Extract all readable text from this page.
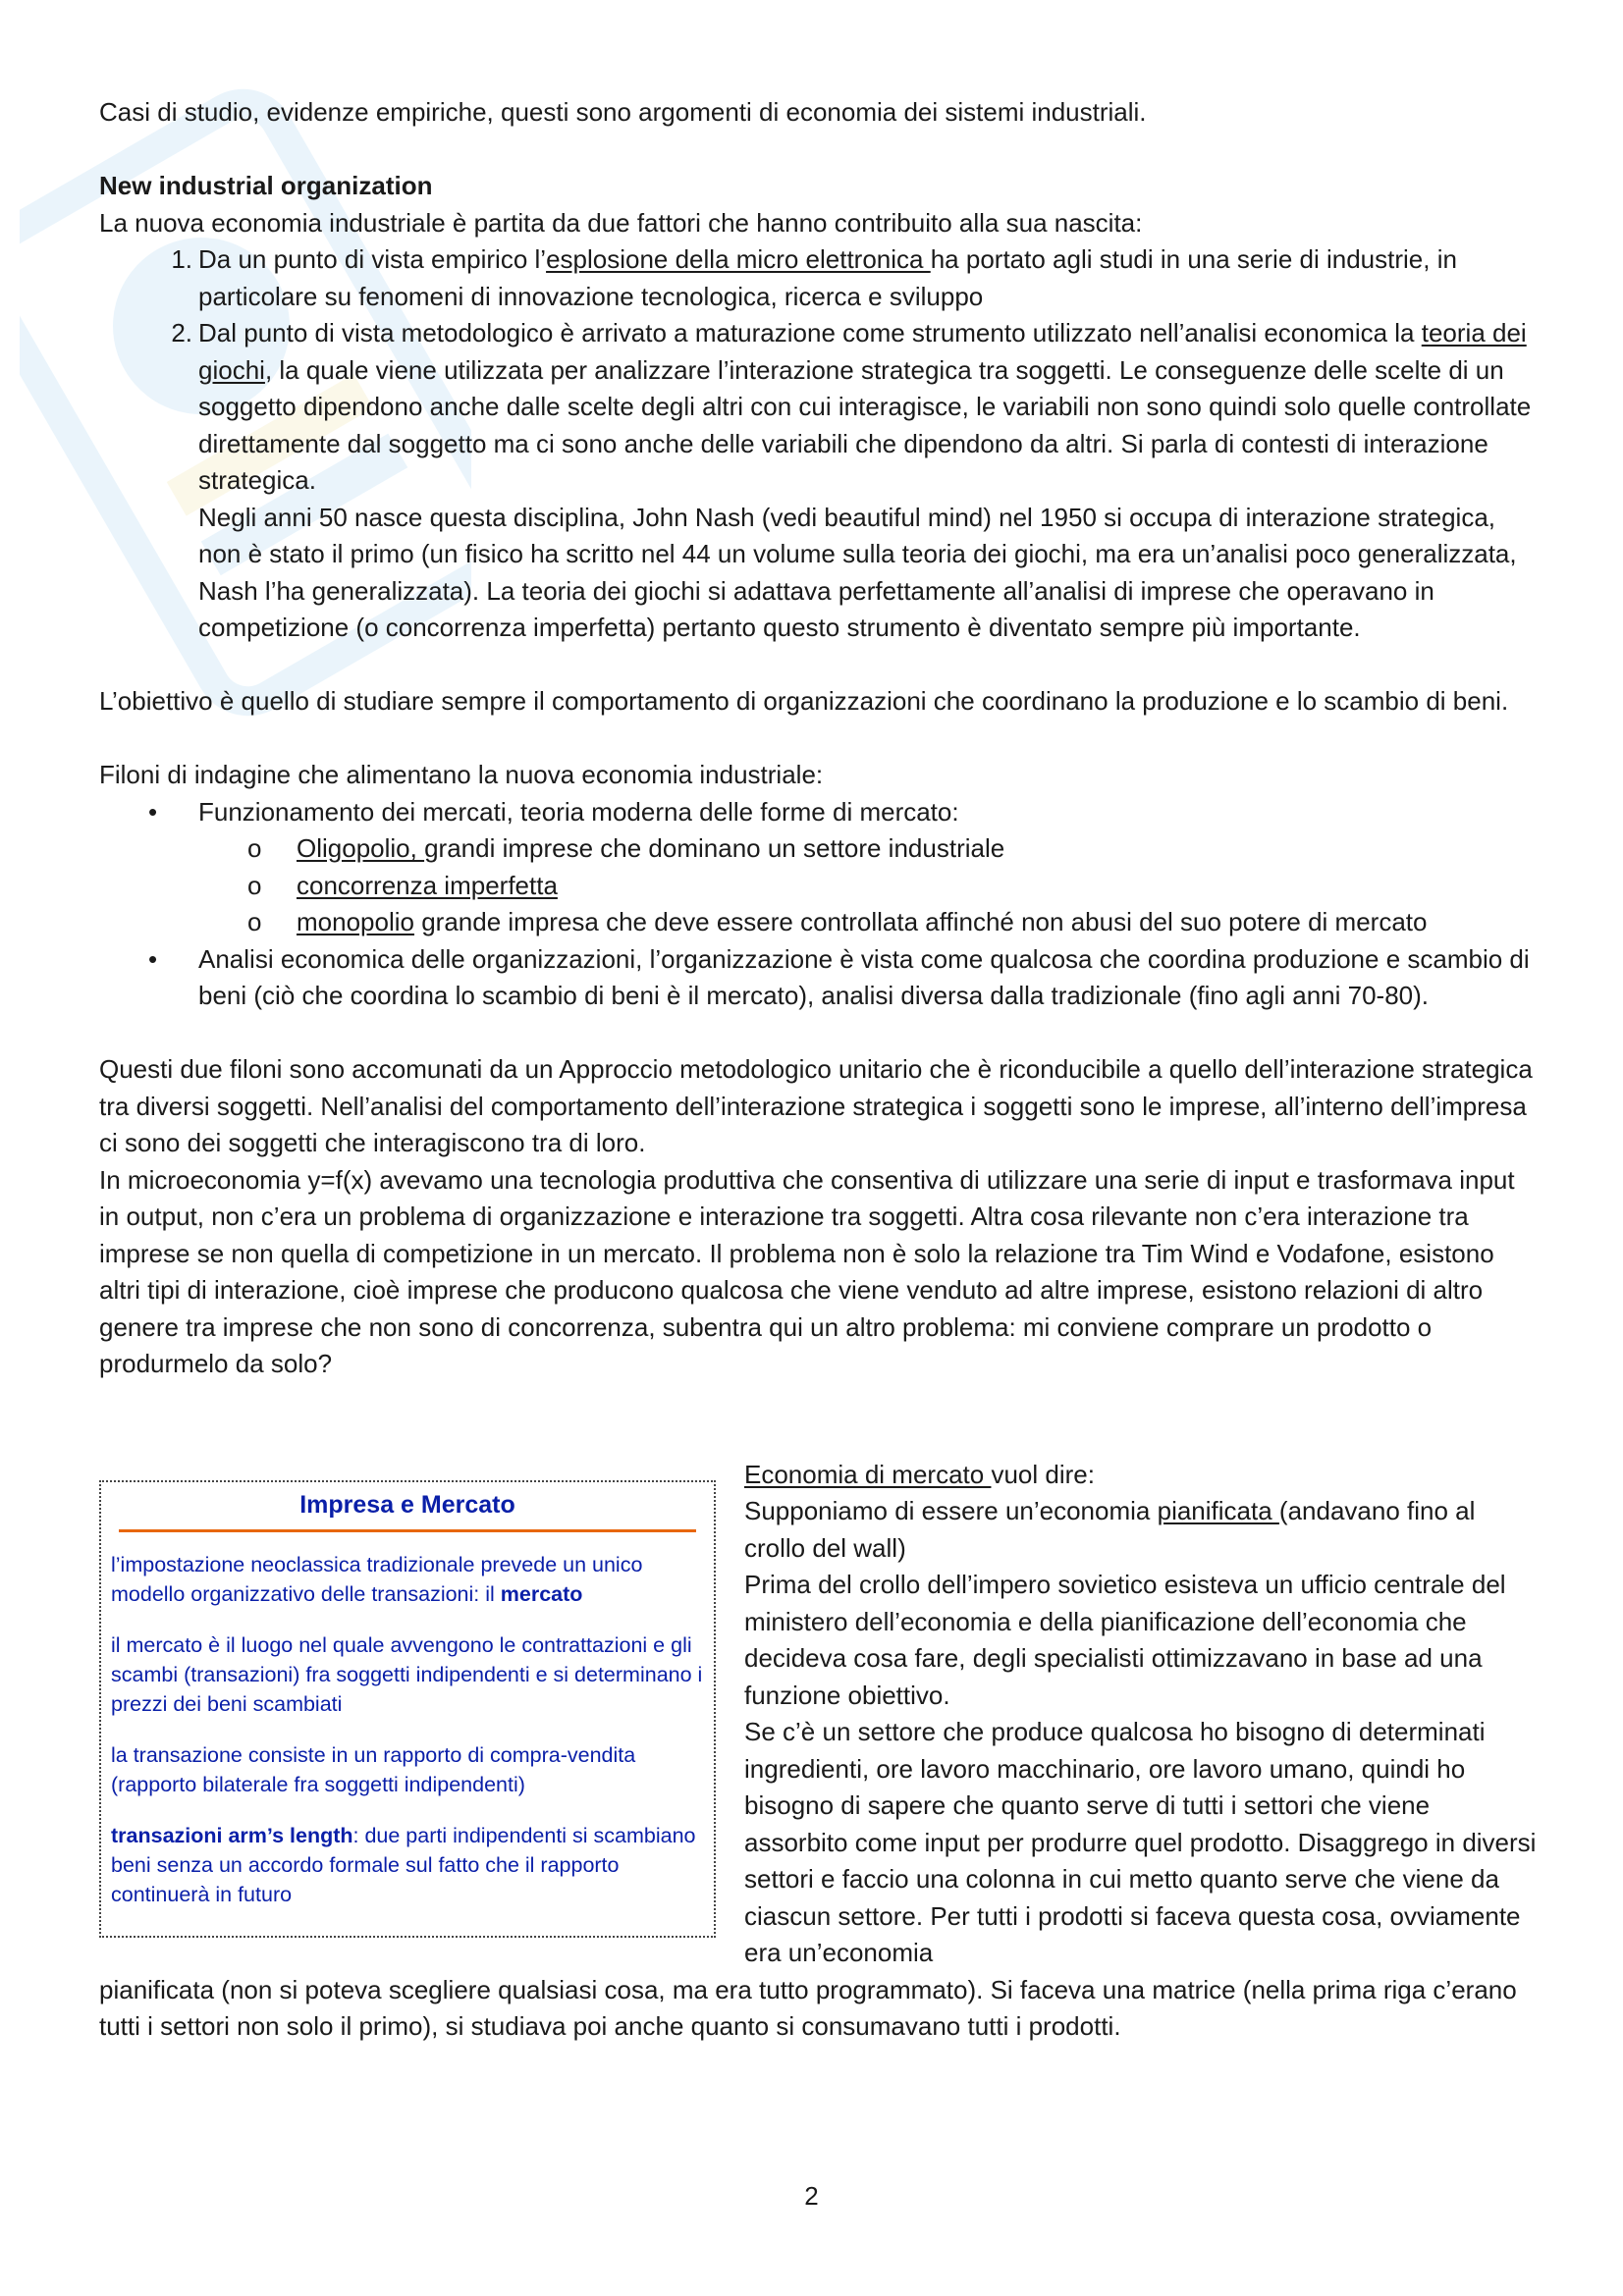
Casi di studio, evidenze empiriche, questi sono argomenti di economia dei sistemi industriali.

New industrial organization

La nuova economia industriale è partita da due fattori che hanno contribuito alla sua nascita:

1. Da un punto di vista empirico l’esplosione della micro elettronica ha portato agli studi in una serie di industrie, in particolare su fenomeni di innovazione tecnologica, ricerca e sviluppo
2. Dal punto di vista metodologico è arrivato a maturazione come strumento utilizzato nell’analisi economica la teoria dei giochi, la quale viene utilizzata per analizzare l’interazione strategica tra soggetti. Le conseguenze delle scelte di un soggetto dipendono anche dalle scelte degli altri con cui interagisce, le variabili non sono quindi solo quelle controllate direttamente dal soggetto ma ci sono anche delle variabili che dipendono da altri. Si parla di contesti di interazione strategica.

Negli anni 50 nasce questa disciplina, John Nash (vedi beautiful mind) nel 1950 si occupa di interazione strategica, non è stato il primo (un fisico ha scritto nel 44 un volume sulla teoria dei giochi, ma era un’analisi poco generalizzata, Nash l’ha generalizzata). La teoria dei giochi si adattava perfettamente all’analisi di imprese che operavano in competizione (o concorrenza imperfetta) pertanto questo strumento è diventato sempre più importante.

L’obiettivo è quello di studiare sempre il comportamento di organizzazioni che coordinano la produzione e lo scambio di beni.

Filoni di indagine che alimentano la nuova economia industriale:

• Funzionamento dei mercati, teoria moderna delle forme di mercato:
o Oligopolio, grandi imprese che dominano un settore industriale
o concorrenza imperfetta
o monopolio grande impresa che deve essere controllata affinché non abusi del suo potere di mercato
• Analisi economica delle organizzazioni, l’organizzazione è vista come qualcosa che coordina produzione e scambio di beni (ciò che coordina lo scambio di beni è il mercato), analisi diversa dalla tradizionale (fino agli anni 70-80).

Questi due filoni sono accomunati da un Approccio metodologico unitario che è riconducibile a quello dell’interazione strategica tra diversi soggetti. Nell’analisi del comportamento dell’interazione strategica i soggetti sono le imprese, all’interno dell’impresa ci sono dei soggetti che interagiscono tra di loro.

In microeconomia y=f(x) avevamo una tecnologia produttiva che consentiva di utilizzare una serie di input e trasformava input in output, non c’era un problema di organizzazione e interazione tra soggetti. Altra cosa rilevante non c’era interazione tra imprese se non quella di competizione in un mercato. Il problema non è solo la relazione tra Tim Wind e Vodafone, esistono altri tipi di interazione, cioè imprese che producono qualcosa che viene venduto ad altre imprese, esistono relazioni di altro genere tra imprese che non sono di concorrenza, subentra qui un altro problema: mi conviene comprare un prodotto o produrmelo da solo?

Impresa e Mercato

l’impostazione neoclassica tradizionale prevede un unico modello organizzativo delle transazioni: il mercato

il mercato è il luogo nel quale avvengono le contrattazioni e gli scambi (transazioni) fra soggetti indipendenti e si determinano i prezzi dei beni scambiati

la transazione consiste in un rapporto di compra-vendita (rapporto bilaterale fra soggetti indipendenti)

transazioni arm’s length: due parti indipendenti si scambiano beni senza un accordo formale sul fatto che il rapporto continuerà in futuro

Economia di mercato vuol dire:

Supponiamo di essere un’economia pianificata (andavano fino al crollo del wall)

Prima del crollo dell’impero sovietico esisteva un ufficio centrale del ministero dell’economia e della pianificazione dell’economia che decideva cosa fare, degli specialisti ottimizzavano in base ad una funzione obiettivo.

Se c’è un settore che produce qualcosa ho bisogno di determinati ingredienti, ore lavoro macchinario, ore lavoro umano, quindi ho bisogno di sapere che quanto serve di tutti i settori che viene assorbito come input per produrre quel prodotto. Disaggrego in diversi settori e faccio una colonna in cui metto quanto serve che viene da ciascun settore. Per tutti i prodotti si faceva questa cosa, ovviamente era un’economia

pianificata (non si poteva scegliere qualsiasi cosa, ma era tutto programmato). Si faceva una matrice (nella prima riga c’erano tutti i settori non solo il primo), si studiava poi anche quanto si consumavano tutti i prodotti.

2
